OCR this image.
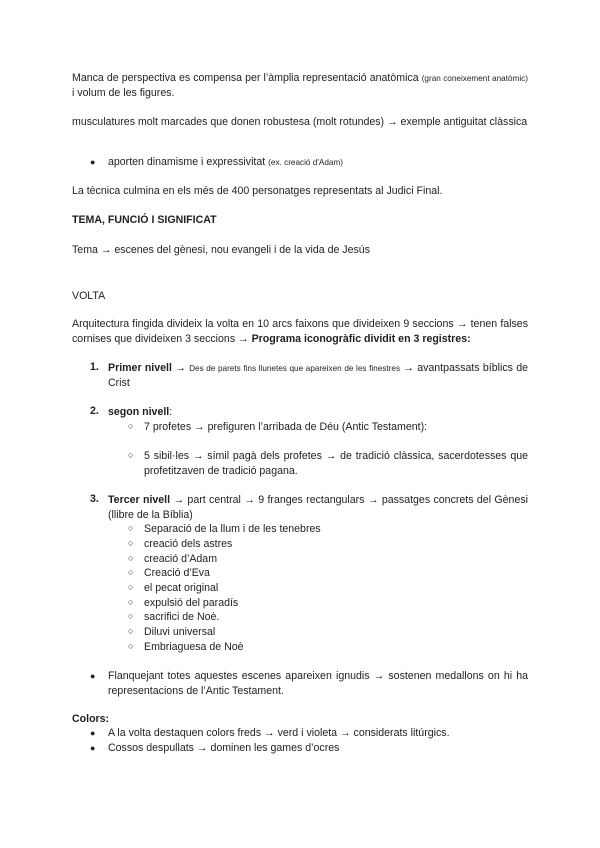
Manca de perspectiva es compensa per l’àmplia representació anatòmica (gran coneixement anatòmic) i volum de les figures.

musculatures molt marcades que donen robustesa (molt rotundes) → exemple antiguitat clàssica

● aporten dinamisme i expressivitat (ex. creació d'Adam)

La tècnica culmina en els més de 400 personatges representats al Judici Final.

TEMA, FUNCIÓ I SIGNIFICAT

Tema → escenes del gènesi, nou evangeli i de la vida de Jesús

VOLTA

Arquitectura fingida divideix la volta en 10 arcs faixons que divideixen 9 seccions → tenen falses cornises que divideixen 3 seccions → Programa iconogràfic dividit en 3 registres:

1. Primer nivell → Des de parets fins llunetes que apareixen de les finestres → avantpassats bíblics de Crist

2. segon nivell:

○ 7 profetes → prefiguren l’arribada de Déu (Antic Testament):

○ 5 sibil·les → símil pagà dels profetes → de tradició clàssica, sacerdotesses que profetitzaven de tradició pagana.

3. Tercer nivell → part central → 9 franges rectangulars → passatges concrets del Gènesi (llibre de la Bíblia)

○ Separació de la llum i de les tenebres

○ creació dels astres

○ creació d’Adam

○ Creació d’Eva

○ el pecat original

○ expulsió del paradís

○ sacrifici de Noè.

○ Diluvi universal

○ Embriaguesa de Noè

● Flanquejant totes aquestes escenes apareixen ignudis → sostenen medallons on hi ha representacions de l’Antic Testament.

Colors:

● A la volta destaquen colors freds → verd i violeta → considerats litúrgics.

● Cossos despullats → dominen les games d’ocres
